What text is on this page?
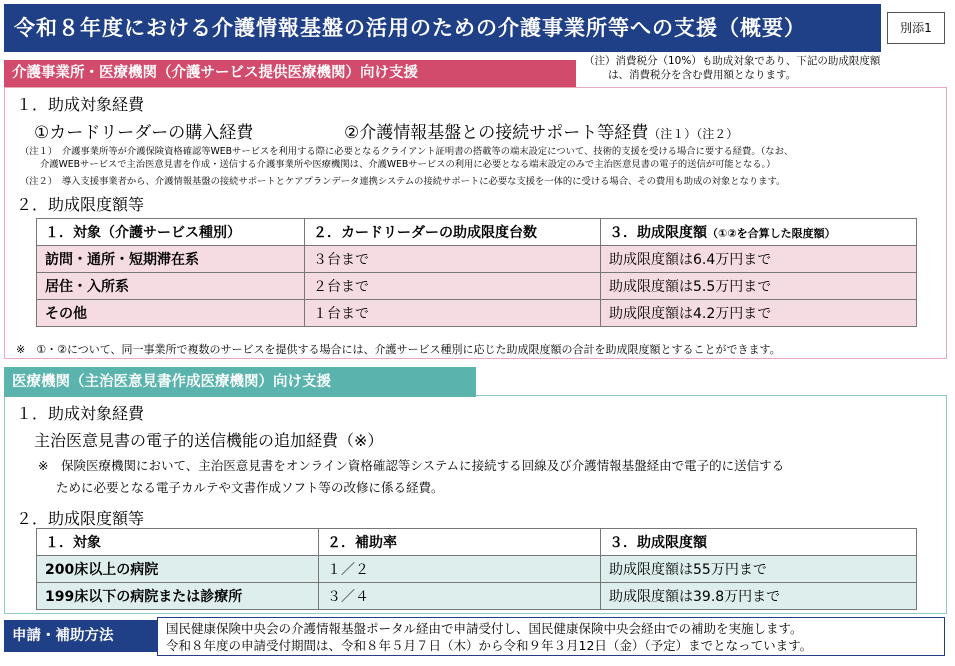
令和８年度における介護情報基盤の活用のための介護事業所等への支援（概要）	別添1
介護事業所・医療機関（介護サービス提供医療機関）向け支援
（注）消費税分（10%）も助成対象であり、下記の助成限度額
は、消費税分を含む費用額となります。
１．助成対象経費
①カードリーダーの購入経費	②介護情報基盤との接続サポート等経費（注１）（注２）
（注１）　介護事業所等が介護保険資格確認等WEBサービスを利用する際に必要となるクライアント証明書の搭載等の端末設定について、技術的支援を受ける場合に要する経費。（なお、
介護WEBサービスで主治医意見書を作成・送信する介護事業所や医療機関は、介護WEBサービスの利用に必要となる端末設定のみで主治医意見書の電子的送信が可能となる。）
（注２）　導入支援事業者から、介護情報基盤の接続サポートとケアプランデータ連携システムの接続サポートに必要な支援を一体的に受ける場合、その費用も助成の対象となります。
２．助成限度額等
１．対象（介護サービス種別）	２．カードリーダーの助成限度台数	３．助成限度額（①②を合算した限度額）
訪問・通所・短期滞在系	３台まで	助成限度額は6.4万円まで
居住・入所系	２台まで	助成限度額は5.5万円まで
その他	１台まで	助成限度額は4.2万円まで
※　①・②について、同一事業所で複数のサービスを提供する場合には、介護サービス種別に応じた助成限度額の合計を助成限度額とすることができます。
医療機関（主治医意見書作成医療機関）向け支援
１．助成対象経費
主治医意見書の電子的送信機能の追加経費（※）
※　保険医療機関において、主治医意見書をオンライン資格確認等システムに接続する回線及び介護情報基盤経由で電子的に送信する
ために必要となる電子カルテや文書作成ソフト等の改修に係る経費。
２．助成限度額等
１．対象	２．補助率	３．助成限度額
200床以上の病院	１／２	助成限度額は55万円まで
199床以下の病院または診療所	３／４	助成限度額は39.8万円まで
申請・補助方法	国民健康保険中央会の介護情報基盤ポータル経由で申請受付し、国民健康保険中央会経由での補助を実施します。
令和８年度の申請受付期間は、令和８年５月７日（木）から令和９年３月12日（金）（予定）までとなっています。
